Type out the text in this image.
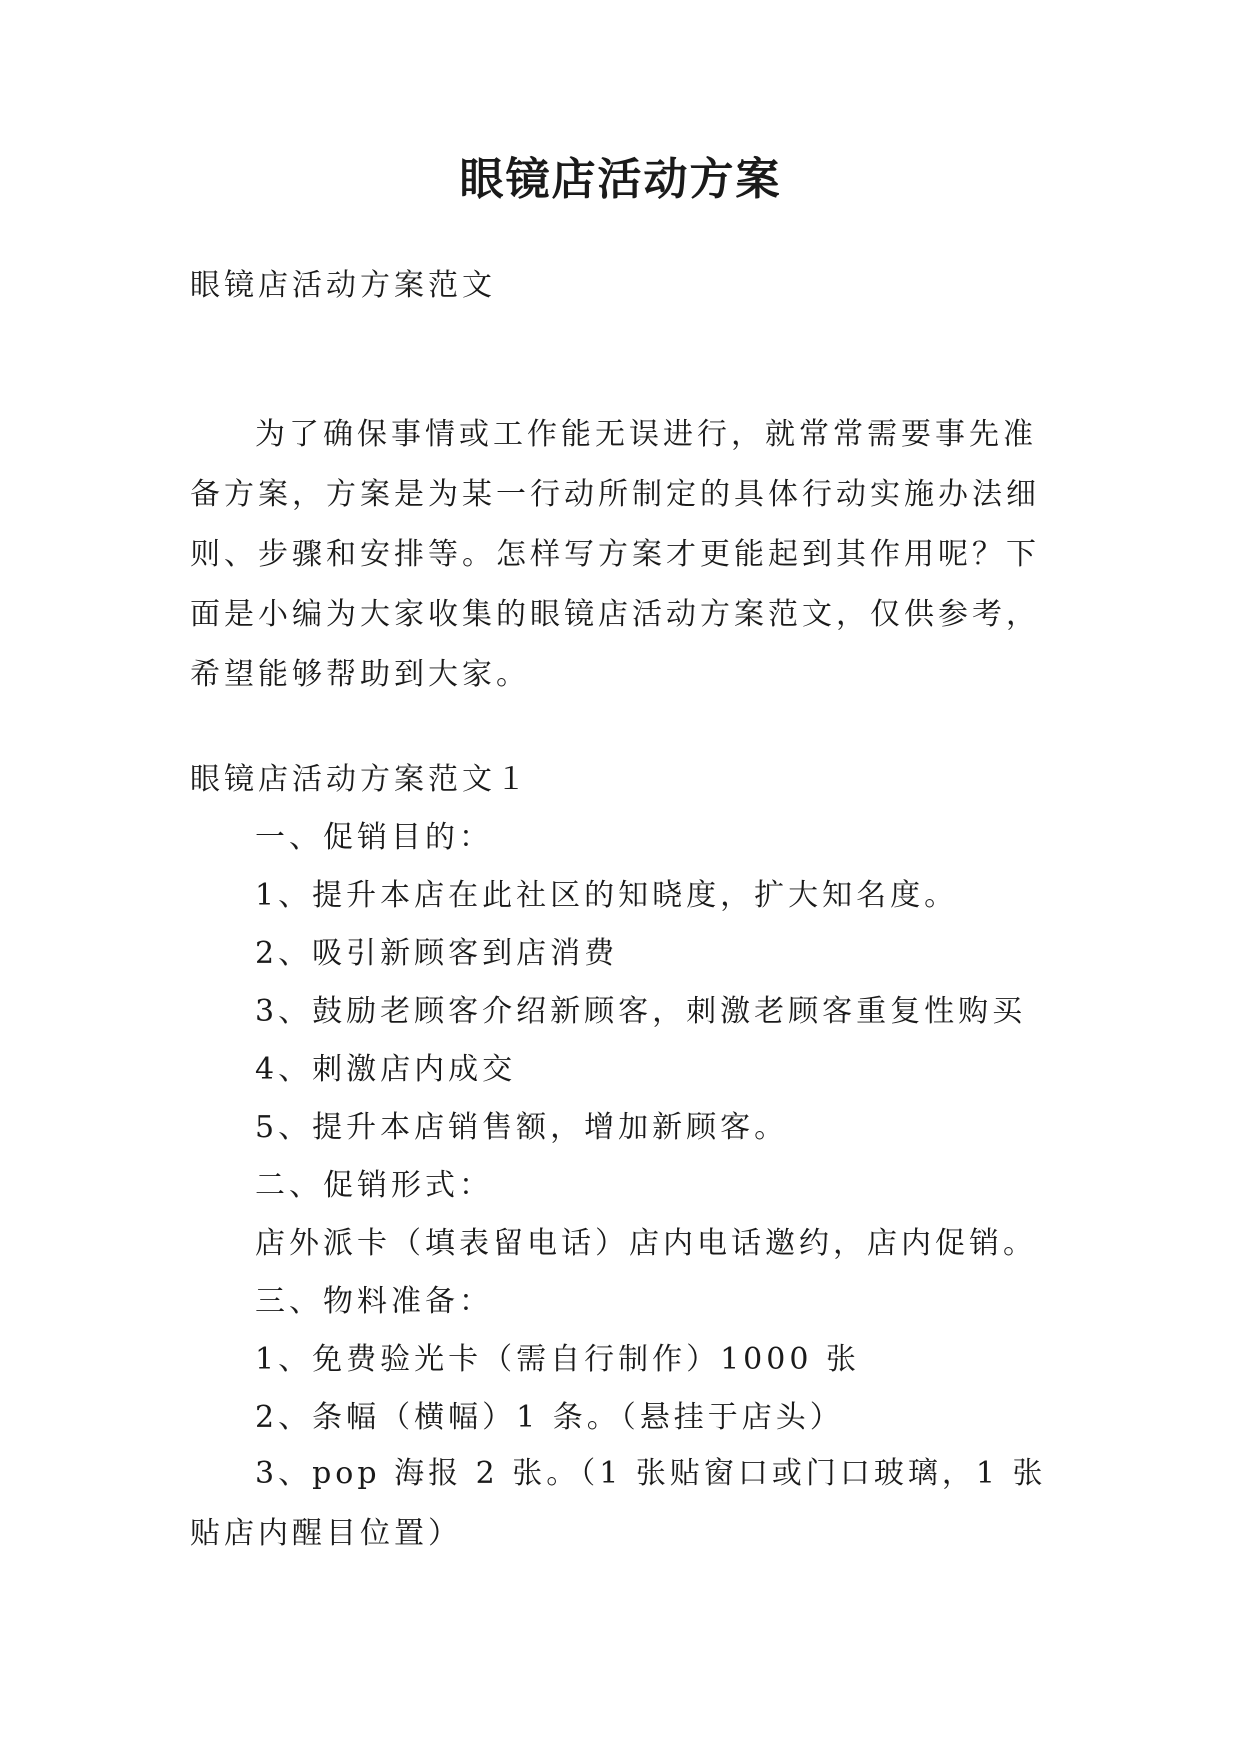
眼镜店活动方案
眼镜店活动方案范文
为了确保事情或工作能无误进行，就常常需要事先准备方案，方案是为某一行动所制定的具体行动实施办法细则、步骤和安排等。怎样写方案才更能起到其作用呢？下面是小编为大家收集的眼镜店活动方案范文，仅供参考，希望能够帮助到大家。
眼镜店活动方案范文１
一、促销目的：
1、提升本店在此社区的知晓度，扩大知名度。
2、吸引新顾客到店消费
3、鼓励老顾客介绍新顾客，刺激老顾客重复性购买
4、刺激店内成交
5、提升本店销售额，增加新顾客。
二、促销形式：
店外派卡（填表留电话）店内电话邀约，店内促销。
三、物料准备：
1、免费验光卡（需自行制作）1000 张
2、条幅（横幅）1 条。（悬挂于店头）
3、pop 海报 2 张。（1 张贴窗口或门口玻璃，1 张贴店内醒目位置）
